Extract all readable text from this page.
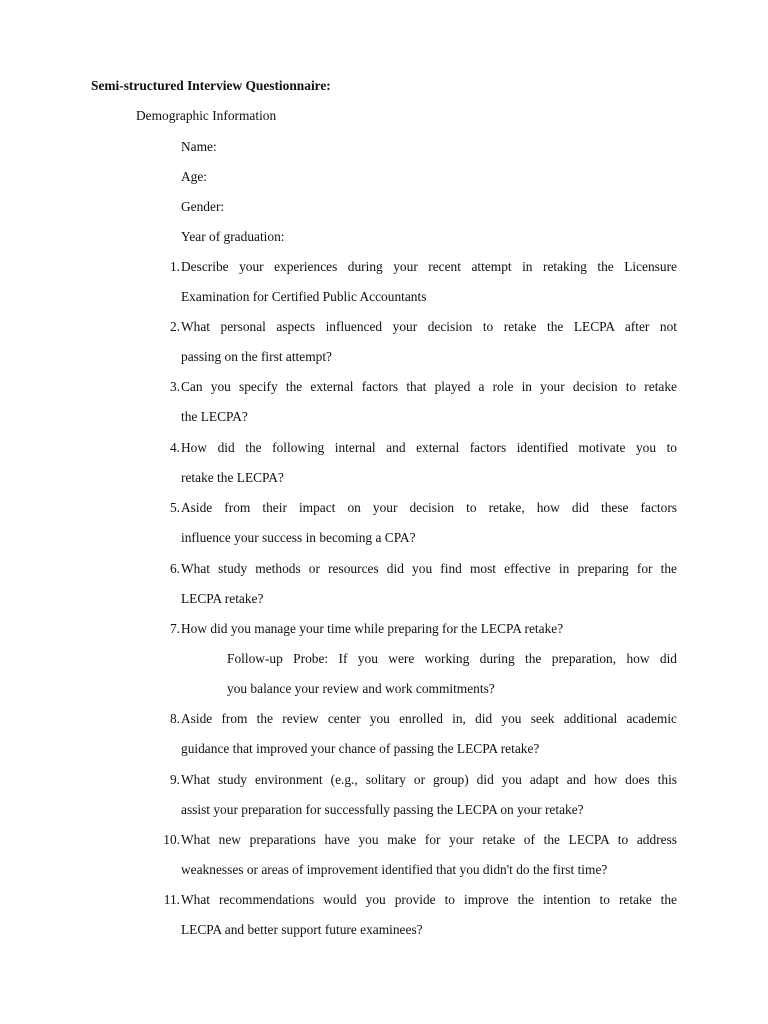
Semi-structured Interview Questionnaire:
Demographic Information
Name:
Age:
Gender:
Year of graduation:
1. Describe your experiences during your recent attempt in retaking the Licensure
Examination for Certified Public Accountants
2. What personal aspects influenced your decision to retake the LECPA after not
passing on the first attempt?
3. Can you specify the external factors that played a role in your decision to retake
the LECPA?
4. How did the following internal and external factors identified motivate you to
retake the LECPA?
5. Aside from their impact on your decision to retake, how did these factors
influence your success in becoming a CPA?
6. What study methods or resources did you find most effective in preparing for the
LECPA retake?
7. How did you manage your time while preparing for the LECPA retake?
Follow-up Probe: If you were working during the preparation, how did
you balance your review and work commitments?
8. Aside from the review center you enrolled in, did you seek additional academic
guidance that improved your chance of passing the LECPA retake?
9. What study environment (e.g., solitary or group) did you adapt and how does this
assist your preparation for successfully passing the LECPA on your retake?
10. What new preparations have you make for your retake of the LECPA to address
weaknesses or areas of improvement identified that you didn't do the first time?
11. What recommendations would you provide to improve the intention to retake the
LECPA and better support future examinees?
